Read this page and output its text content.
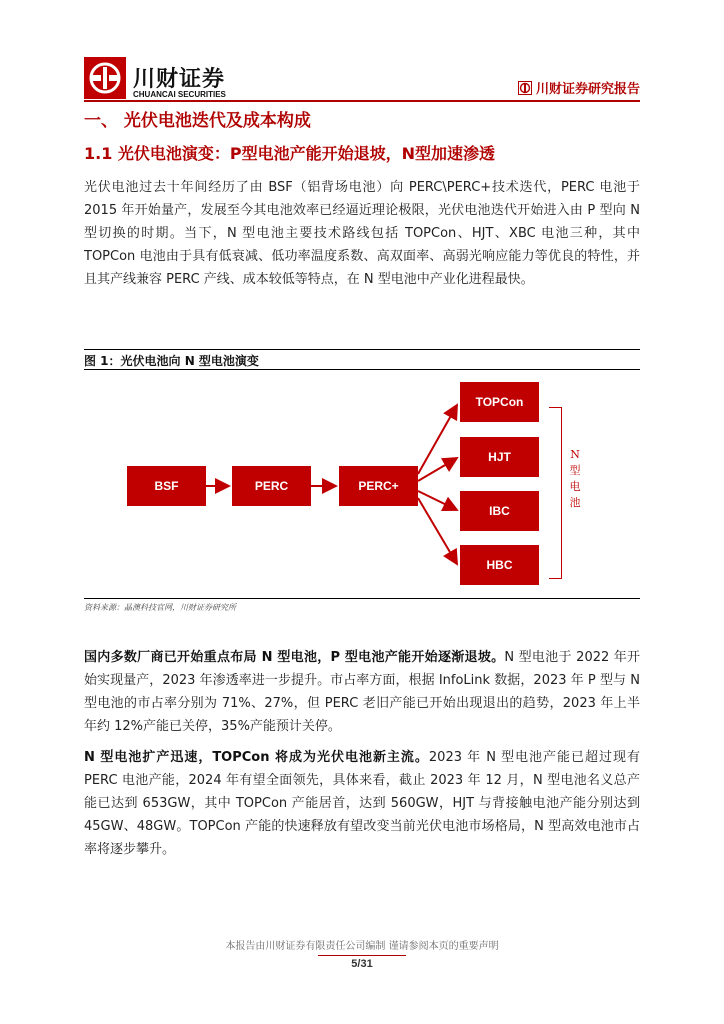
川财证券
CHUANCAI SECURITIES	川财证券研究报告
一、 光伏电池迭代及成本构成
1.1 光伏电池演变：P型电池产能开始退坡，N型加速渗透
光伏电池过去十年间经历了由 BSF（铝背场电池）向 PERC\PERC+技术迭代，PERC 电池于 2015 年开始量产，发展至今其电池效率已经逼近理论极限，光伏电池迭代开始进入由 P 型向 N 型切换的时期。当下，N 型电池主要技术路线包括 TOPCon、HJT、XBC 电池三种，其中 TOPCon 电池由于具有低衰减、低功率温度系数、高双面率、高弱光响应能力等优良的特性，并且其产线兼容 PERC 产线、成本较低等特点，在 N 型电池中产业化进程最快。
图 1：光伏电池向 N 型电池演变
BSF	PERC	PERC+
TOPCon
HJT
IBC
HBC
N型电池
资料来源：晶澳科技官网，川财证券研究所
国内多数厂商已开始重点布局 N 型电池，P 型电池产能开始逐渐退坡。N 型电池于 2022 年开始实现量产，2023 年渗透率进一步提升。市占率方面，根据 InfoLink 数据，2023 年 P 型与 N 型电池的市占率分别为 71%、27%，但 PERC 老旧产能已开始出现退出的趋势，2023 年上半年约 12%产能已关停，35%产能预计关停。
N 型电池扩产迅速，TOPCon 将成为光伏电池新主流。2023 年 N 型电池产能已超过现有 PERC 电池产能，2024 年有望全面领先，具体来看，截止 2023 年 12 月，N 型电池名义总产能已达到 653GW，其中 TOPCon 产能居首，达到 560GW，HJT 与背接触电池产能分别达到 45GW、48GW。TOPCon 产能的快速释放有望改变当前光伏电池市场格局，N 型高效电池市占率将逐步攀升。
本报告由川财证券有限责任公司编制 谨请参阅本页的重要声明
5/31
